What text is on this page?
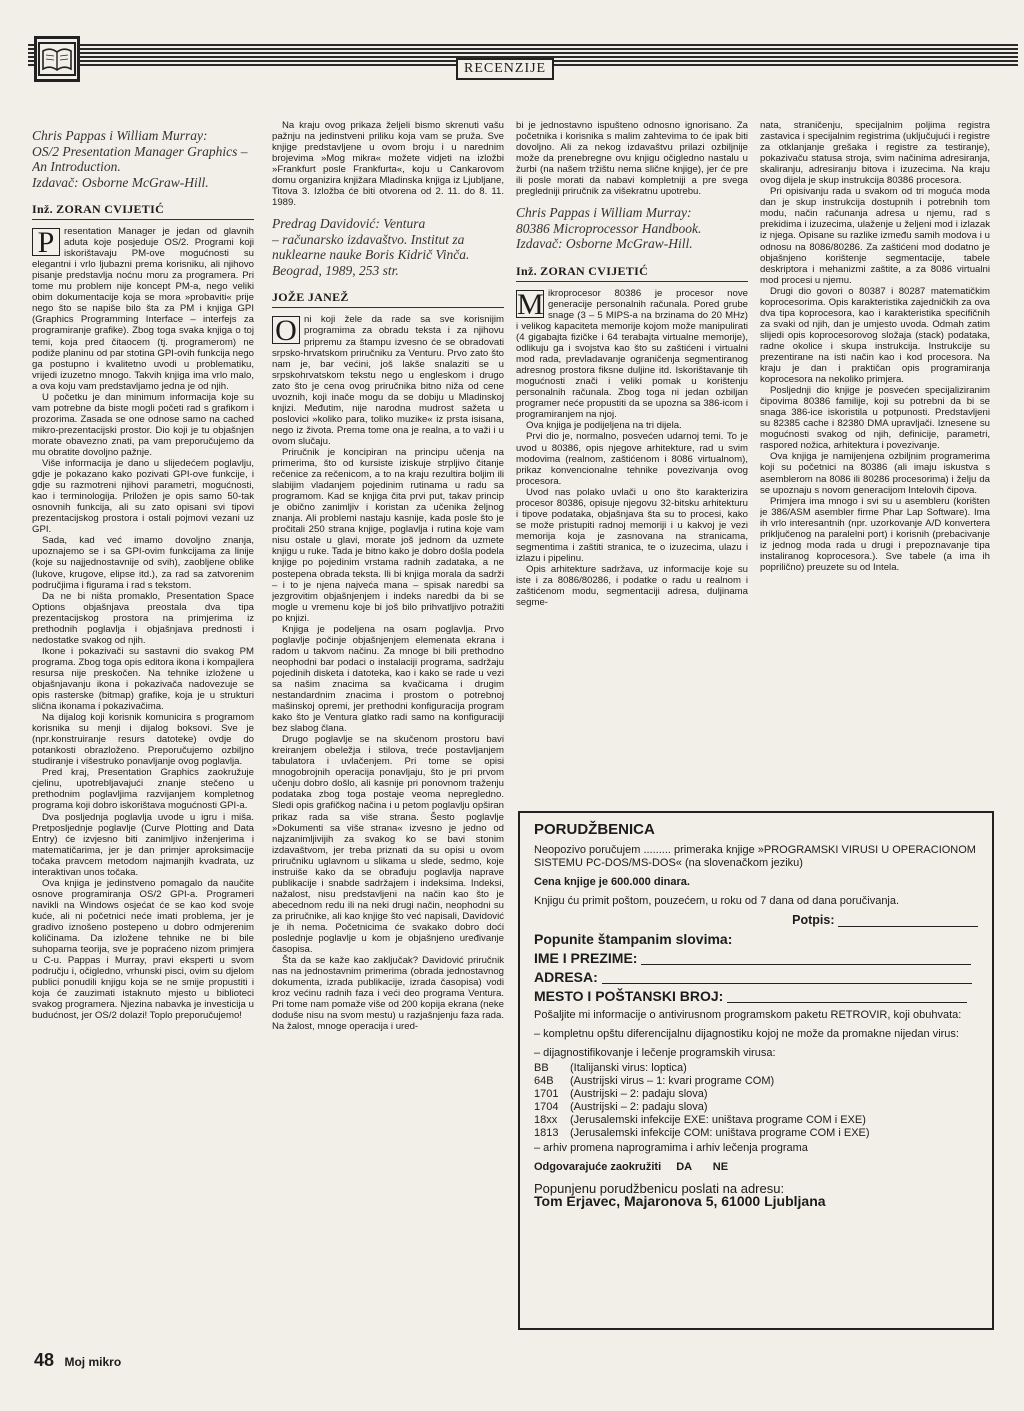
RECENZIJE
Chris Pappas i William Murray:
OS/2 Presentation Manager Graphics – An Introduction.
Izdavač: Osborne McGraw-Hill.
Inž. ZORAN CVIJETIĆ
P	resentation Manager je jedan od glavnih aduta koje posjeduje OS/2. Programi koji iskorištavaju PM-ove mogućnosti su elegantni i vrlo ljubazni prema korisniku, ali njihovo pisanje predstavlja noćnu moru za programera. Pri tome mu problem nije koncept PM-a, nego veliki obim dokumentacije koja se mora »probaviti« prije nego što se napiše bilo šta za PM i knjiga GPI (Graphics Programming Interface – interfejs za programiranje grafike). Zbog toga svaka knjiga o toj temi, koja pred čitaocem (tj. programerom) ne podiže planinu od par stotina GPI-ovih funkcija nego ga postupno i kvalitetno uvodi u problematiku, vrijedi izuzetno mnogo. Takvih knjiga ima vrlo malo, a ova koju vam predstavljamo jedna je od njih.

U početku je dan minimum informacija koje su vam potrebne da biste mogli početi rad s grafikom i prozorima. Zasada se one odnose samo na cached mikro-prezentacijski prostor. Dio koji je tu objašnjen morate obavezno znati, pa vam preporučujemo da mu obratite dovoljno pažnje.

Više informacija je dano u slijedećem poglavlju, gdje je pokazano kako pozivati GPI-ove funkcije, i gdje su razmotreni njihovi parametri, mogućnosti, kao i terminologija. Priložen je opis samo 50-tak osnovnih funkcija, ali su zato opisani svi tipovi prezentacijskog prostora i ostali pojmovi vezani uz GPI.

Sada, kad već imamo dovoljno znanja, upoznajemo se i sa GPI-ovim funkcijama za linije (koje su najjednostavnije od svih), zaobljene oblike (lukove, krugove, elipse itd.), za rad sa zatvorenim područjima i figurama i rad s tekstom.

Da ne bi ništa promaklo, Presentation Space Options objašnjava preostala dva tipa prezentacijskog prostora na primjerima iz prethodnih poglavlja i objašnjava prednosti i nedostatke svakog od njih.

Ikone i pokazivači su sastavni dio svakog PM programa. Zbog toga opis editora ikona i kompajlera resursa nije preskočen. Na tehnike izložene u objašnjavanju ikona i pokazivača nadovezuje se opis rasterske (bitmap) grafike, koja je u strukturi slična ikonama i pokazivačima.

Na dijalog koji korisnik komunicira s programom korisnika su menji i dijalog boksovi. Sve je (npr.konstruiranje resurs datoteke) ovdje do potankosti obrazloženo. Preporučujemo ozbiljno studiranje i višestruko ponavljanje ovog poglavlja.

Pred kraj, Presentation Graphics zaokružuje cjelinu, upotrebljavajući znanje stečeno u prethodnim poglavljima razvijanjem kompletnog programa koji dobro iskorištava mogućnosti GPI-a.

Dva posljednja poglavlja uvode u igru i miša. Pretposljednje poglavlje (Curve Plotting and Data Entry) će izvjesno biti zanimljivo inženjerima i matematičarima, jer je dan primjer aproksimacije točaka pravcem metodom najmanjih kvadrata, uz interaktivan unos točaka.

Ova knjiga je jedinstveno pomagalo da naučite osnove programiranja OS/2 GPI-a. Programeri navikli na Windows osjećat će se kao kod svoje kuće, ali ni početnici neće imati problema, jer je gradivo iznošeno postepeno u dobro odmjerenim količinama. Da izložene tehnike ne bi bile suhoparna teorija, sve je popraćeno nizom primjera u C-u. Pappas i Murray, pravi eksperti u svom području i, očigledno, vrhunski pisci, ovim su djelom publici ponudili knjigu koja se ne smije propustiti i koja će zauzimati istaknuto mjesto u biblioteci svakog programera. Njezina nabavka je investicija u budućnost, jer OS/2 dolazi! Toplo preporučujemo!

Na kraju ovog prikaza željeli bismo skrenuti vašu pažnju na jedinstveni priliku koja vam se pruža. Sve knjige predstavljene u ovom broju i u narednim brojevima »Mog mikra« možete vidjeti na izložbi »Frankfurt posle Frankfurta«, koju u Cankarovom domu organizira knjižara Mladinska knjiga iz Ljubljane, Titova 3. Izložba će biti otvorena od 2. 11. do 8. 11. 1989.

Predrag Davidović: Ventura
– računarsko izdavaštvo. Institut za nuklearne nauke Boris Kidrič Vinča. Beograd, 1989, 253 str.
JOŽE JANEŽ
O ni koji žele da rade sa sve korisnijim programima za obradu teksta i za njihovu pripremu za štampu izvesno će se obradovati srpsko-hrvatskom priručniku za Venturu. Prvo zato što nam je, bar većini, još lakše snalaziti se u srpskohrvatskom tekstu nego u engleskom i drugo zato što je cena ovog priručnika bitno niža od cene uvoznih, koji inače mogu da se dobiju u Mladinskoj knjizi. Međutim, nije narodna mudrost sažeta u poslovici »koliko para, toliko muzike« iz prsta isisana, nego iz života. Prema tome ona je realna, a to važi i u ovom slučaju.

Priručnik je koncipiran na principu učenja na primerima, što od kursiste iziskuje strpljivo čitanje rečenice za rečenicom, a to na kraju rezultira boljim ili slabijim vladanjem pojedinim rutinama u radu sa programom. Kad se knjiga čita prvi put, takav princip je obično zanimljiv i koristan za učenika željnog znanja. Ali problemi nastaju kasnije, kada posle što je pročitali 250 strana knjige, poglavlja i rutina koje vam nisu ostale u glavi, morate još jednom da uzmete knjigu u ruke. Tada je bitno kako je dobro došla podela knjige po pojedinim vrstama radnih zadataka, a ne postepena obrada teksta. Ili bi knjiga morala da sadrži – i to je njena najveća mana – spisak naredbi sa jezgrovitim objašnjenjem i indeks naredbi da bi se mogle u vremenu koje bi još bilo prihvatljivo potražiti po knjizi.

Knjiga je podeljena na osam poglavlja. Prvo poglavlje počinje objašnjenjem elemenata ekrana i radom u takvom načinu. Za mnoge bi bili prethodno neophodni bar podaci o instalaciji programa, sadržaju pojedinih disketa i datoteka, kao i kako se rade u vezi sa našim znacima sa kvačicama i drugim nestandardnim znacima i prostom o potrebnoj mašinskoj opremi, jer prethodni konfiguracija program kako što je Ventura glatko radi samo na konfiguraciji bez slabog člana.

Drugo poglavlje se na skučenom prostoru bavi kreiranjem obeležja i stilova, treće postavljanjem tabulatora i uvlačenjem. Pri tome se opisi mnogobrojnih operacija ponavljaju, što je pri prvom učenju dobro došlo, ali kasnije pri ponovnom traženju podataka zbog toga postaje veoma nepregledno. Sledi opis grafičkog načina i u petom poglavlju opširan prikaz rada sa više strana. Šesto poglavlje »Dokumenti sa više strana« izvesno je jedno od najzanimljivijih za svakog ko se bavi stonim izdavaštvom, jer treba priznati da su opisi u ovom priručniku uglavnom u slikama u slede, sedmo, koje instruiše kako da se obrađuju poglavlja naprave publikacije i snabde sadržajem i indeksima. Indeksi, nažalost, nisu predstavljeni na način kao što je abecednom redu ili na neki drugi način, neophodni su za priručnike, ali kao knjige što već napisali, Davidović je ih nema. Početnicima će svakako dobro doći poslednje poglavlje u kom je objašnjeno uređivanje časopisa.

Šta da se kaže kao zaključak? Davidović priručnik nas na jednostavnim primerima (obrada jednostavnog dokumenta, izrada publikacije, izrada časopisa) vodi kroz većinu radnih faza i veći deo programa Ventura. Pri tome nam pomaže više od 200 kopija ekrana (neke doduše nisu na svom mestu) u razjašnjenju faza rada. Na žalost, mnoge operacija i ured-

bi je jednostavno ispušteno odnosno ignorisano. Za početnika i korisnika s malim zahtevima to će ipak biti dovoljno. Ali za nekog izdavaštvu prilazi ozbiljnije može da prenebregne ovu knjigu očigledno nastalu u žurbi (na našem tržištu nema slične knjige), jer će pre ili posle morati da nabavi kompletniji a pre svega pregledniji priručnik za višekratnu upotrebu.

Chris Pappas i William Murray:
80386 Microprocessor Handbook.
Izdavač: Osborne McGraw-Hill.
Inž. ZORAN CVIJETIĆ
M ikroprocesor 80386 je procesor nove generacije personalnih računala. Pored grube snage (3 – 5 MIPS-a na brzinama do 20 MHz) i velikog kapaciteta memorije kojom može manipulirati (4 gigabajta fizičke i 64 terabajta virtualne memorije), odlikuju ga i svojstva kao što su zaštićeni i virtualni mod rada, prevladavanje ograničenja segmentiranog adresnog prostora fiksne duljine itd. Iskorištavanje tih mogućnosti znači i veliki pomak u korištenju personalnih računala. Zbog toga ni jedan ozbiljan programer neće propustiti da se upozna sa 386-icom i programiranjem na njoj.

Ova knjiga je podijeljena na tri dijela.

Prvi dio je, normalno, posvećen udarnoj temi. To je uvod u 80386, opis njegove arhitekture, rad u svim modovima (realnom, zaštićenom i 8086 virtualnom), prikaz konvencionalne tehnike povezivanja ovog procesora.

Uvod nas polako uvlači u ono što karakterizira procesor 80386, opisuje njegovu 32-bitsku arhitekturu i tipove podataka, objašnjava šta su to procesi, kako se može pristupiti radnoj memoriji i u kakvoj je vezi memorija koja je zasnovana na stranicama, segmentima i zaštiti stranica, te o izuzecima, ulazu i izlazu i pipelinu.

Opis arhitekture sadržava, uz informacije koje su iste i za 8086/80286, i podatke o radu u realnom i zaštićenom modu, segmentaciji adresa, duljinama segme-

nata, straničenju, specijalnim poljima registra zastavica i specijalnim registrima (uključujući i registre za otklanjanje grešaka i registre za testiranje), pokazivaču statusa stroja, svim načinima adresiranja, skaliranju, adresiranju bitova i izuzecima. Na kraju ovog dijela je skup instrukcija 80386 procesora.

Pri opisivanju rada u svakom od tri moguća moda dan je skup instrukcija dostupnih i potrebnih tom modu, način računanja adresa u njemu, rad s prekidima i izuzecima, ulaženje u željeni mod i izlazak iz njega. Opisane su razlike između samih modova i u odnosu na 8086/80286. Za zaštićeni mod dodatno je objašnjeno korištenje segmentacije, tabele deskriptora i mehanizmi zaštite, a za 8086 virtualni mod procesi u njemu.

Drugi dio govori o 80387 i 80287 matematičkim koprocesorima. Opis karakteristika zajedničkih za ova dva tipa koprocesora, kao i karakteristika specifičnih za svaki od njih, dan je umjesto uvoda. Odmah zatim slijedi opis koprocesorovog složaja (stack) podataka, radne okolice i skupa instrukcija. Instrukcije su prezentirane na isti način kao i kod procesora. Na kraju je dan i praktičan opis programiranja koprocesora na nekoliko primjera.

Posljednji dio knjige je posvećen specijaliziranim čipovima 80386 familije, koji su potrebni da bi se snaga 386-ice iskoristila u potpunosti. Predstavljeni su 82385 cache i 82380 DMA upravljači. Iznesene su mogućnosti svakog od njih, definicije, parametri, raspored nožica, arhitektura i povezivanje.

Ova knjiga je namijenjena ozbiljnim programerima koji su početnici na 80386 (ali imaju iskustva s asemblerom na 8086 ili 80286 procesorima) i želju da se upoznaju s novom generacijom Intelovih čipova.

Primjera ima mnogo i svi su u asembleru (korišten je 386/ASM asembler firme Phar Lap Software). Ima ih vrlo interesantnih (npr. uzorkovanje A/D konvertera priključenog na paralelni port) i korisnih (prebacivanje iz jednog moda rada u drugi i prepoznavanje tipa instaliranog koprocesora.). Sve tabele (a ima ih poprilično) preuzete su od Intela.

PORUDŽBENICA

Neopozivo poručujem ......... primeraka knjige »PROGRAMSKI VIRUSI U OPERACIONOM SISTEMU PC-DOS/MS-DOS« (na slovenačkom jeziku)

Cena knjige je 600.000 dinara.

Knjigu ću primit poštom, pouzećem, u roku od 7 dana od dana poručivanja.

Potpis:
Popunite štampanim slovima:
IME I PREZIME:
ADRESA:
MESTO I POŠTANSKI BROJ:

Pošaljite mi informacije o antivirusnom programskom paketu RETROVIR, koji obuhvata:

– kompletnu opštu diferencijalnu dijagnostiku kojoj ne može da promakne nijedan virus:

– dijagnostifikovanje i lečenje programskih virusa:

BB	(Italijanski virus: loptica)
64B	(Austrijski virus – 1: kvari programe COM)
1701	(Austrijski – 2: padaju slova)
1704	(Austrijski – 2: padaju slova)
18xx	(Jerusalemski infekcije EXE: uništava programe COM i EXE)
1813	(Jerusalemski infekcije COM: uništava programe COM i EXE)

– arhiv promena naprogramima i arhiv lečenja programa

Odgovarajuće zaokružiti DA NE

Popunjenu porudžbenicu poslati na adresu:
Tom Erjavec, Majaronova 5, 61000 Ljubljana
48 Moj mikro
